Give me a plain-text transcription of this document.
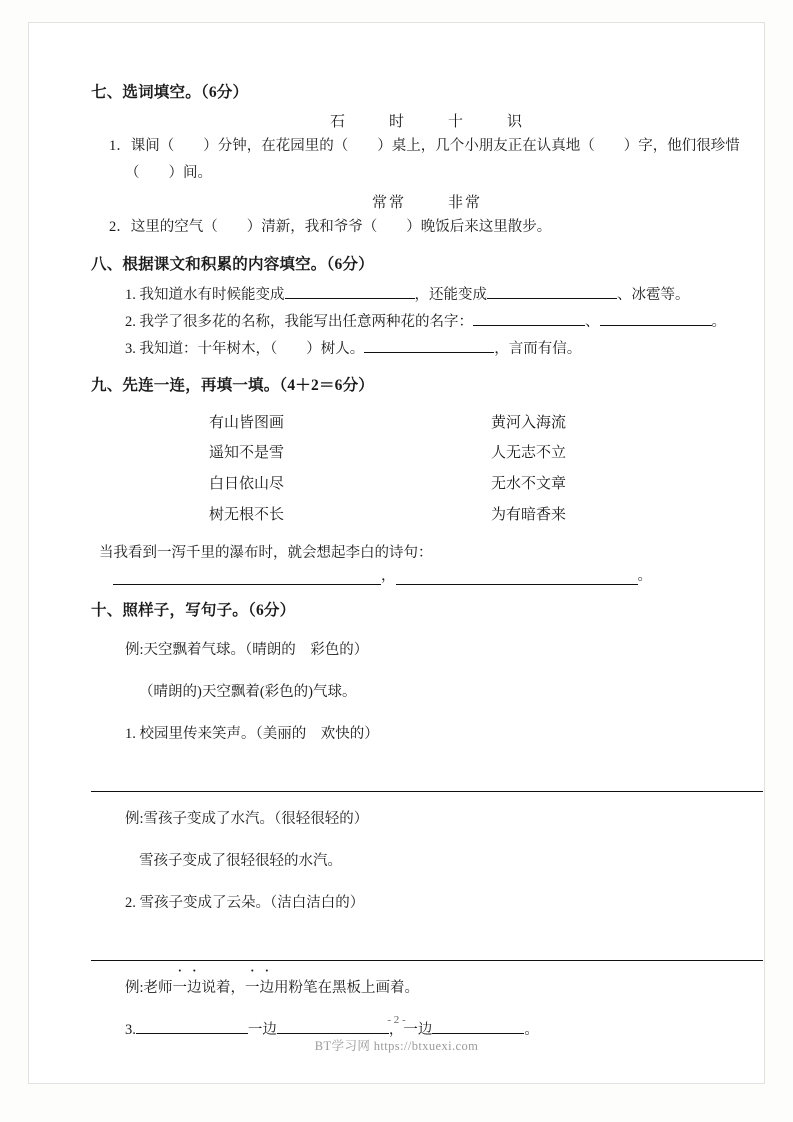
七、选词填空。（6分）

石	时	十	识

1．课间（　　）分钟，在花园里的（　　）桌上，几个小朋友正在认真地（　　）字，他们很珍惜

（　　）间。

常常	非常

2．这里的空气（　　）清新，我和爷爷（　　）晚饭后来这里散步。

八、根据课文和积累的内容填空。（6分）

1. 我知道水有时候能变成	，还能变成	、冰雹等。

2. 我学了很多花的名称，我能写出任意两种花的名字：	、	。

3. 我知道：十年树木，（　　）树人。	，言而有信。

九、先连一连，再填一填。（4＋2＝6分）

有山皆图画	黄河入海流
遥知不是雪	人无志不立
白日依山尽	无水不文章
树无根不长	为有暗香来

当我看到一泻千里的瀑布时，就会想起李白的诗句：

，	。

十、照样子，写句子。（6分）

例:天空飘着气球。（晴朗的　彩色的）

（晴朗的)天空飘着(彩色的)气球。

1. 校园里传来笑声。（美丽的　欢快的）

例:雪孩子变成了水汽。（很轻很轻的）

雪孩子变成了很轻很轻的水汽。

2. 雪孩子变成了云朵。（洁白洁白的）

例:老师一边说着，一边用粉笔在黑板上画着。

3.	一边	，一边	。

- 2 -
BT学习网 https://btxuexi.com
